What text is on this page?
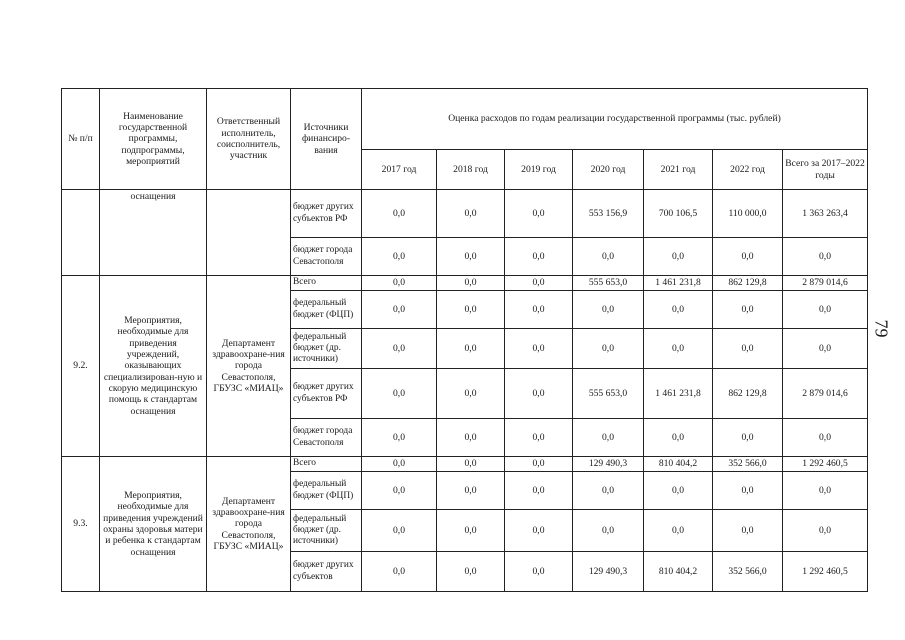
79
№ п/п	Наименование государственной программы, подпрограммы, мероприятий	Ответственный исполнитель, соисполнитель, участник	Источники финансиро-вания	Оценка расходов по годам реализации государственной программы (тыс. рублей)						
				2017 год	2018 год	2019 год	2020 год	2021 год	2022 год	Всего за 2017–2022 годы
	оснащения		бюджет других субъектов РФ	0,0	0,0	0,0	553 156,9	700 106,5	110 000,0	1 363 263,4
			бюджет города Севастополя	0,0	0,0	0,0	0,0	0,0	0,0	0,0
9.2.	Мероприятия, необходимые для приведения учреждений, оказывающих специализирован-ную и скорую медицинскую помощь к стандартам оснащения	Департамент здравоохране-ния города Севастополя, ГБУЗС «МИАЦ»	Всего	0,0	0,0	0,0	555 653,0	1 461 231,8	862 129,8	2 879 014,6
			федеральный бюджет (ФЦП)	0,0	0,0	0,0	0,0	0,0	0,0	0,0
			федеральный бюджет (др. источники)	0,0	0,0	0,0	0,0	0,0	0,0	0,0
			бюджет других субъектов РФ	0,0	0,0	0,0	555 653,0	1 461 231,8	862 129,8	2 879 014,6
			бюджет города Севастополя	0,0	0,0	0,0	0,0	0,0	0,0	0,0
9.3.	Мероприятия, необходимые для приведения учреждений охраны здоровья матери и ребенка к стандартам оснащения	Департамент здравоохране-ния города Севастополя, ГБУЗС «МИАЦ»	Всего	0,0	0,0	0,0	129 490,3	810 404,2	352 566,0	1 292 460,5
			федеральный бюджет (ФЦП)	0,0	0,0	0,0	0,0	0,0	0,0	0,0
			федеральный бюджет (др. источники)	0,0	0,0	0,0	0,0	0,0	0,0	0,0
			бюджет других субъектов	0,0	0,0	0,0	129 490,3	810 404,2	352 566,0	1 292 460,5
